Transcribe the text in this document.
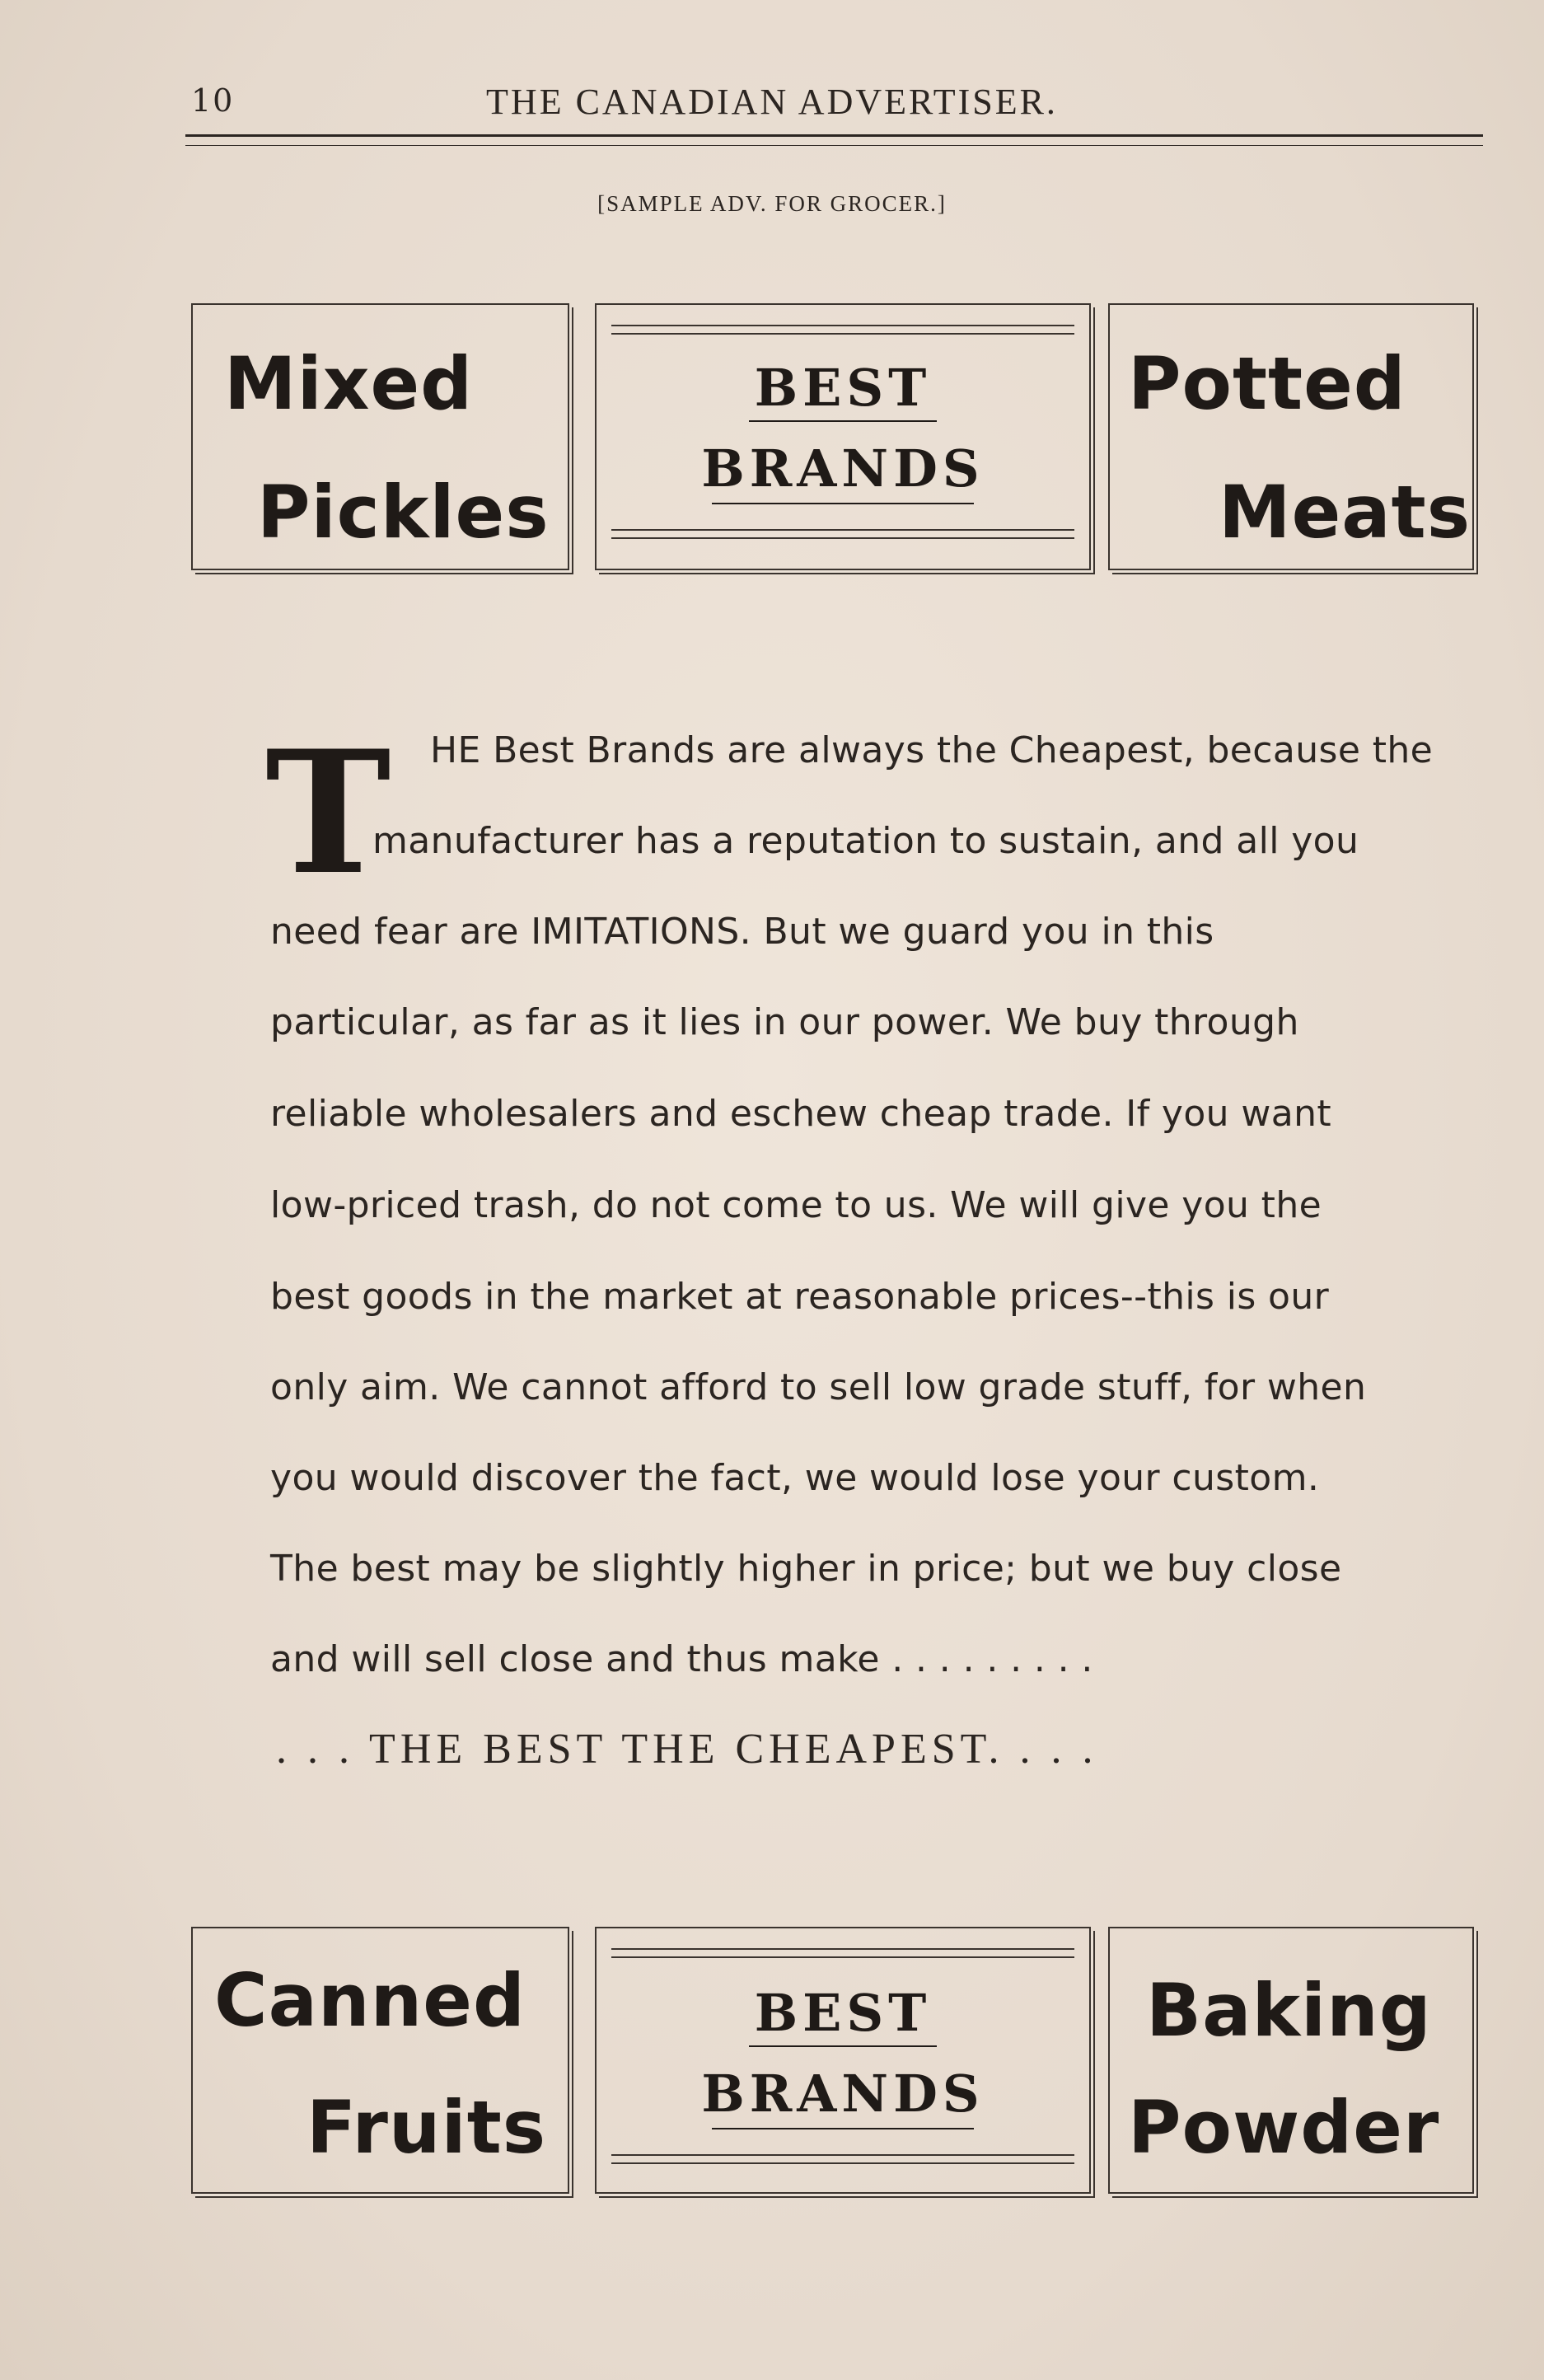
10	THE CANADIAN ADVERTISER.
[SAMPLE ADV. FOR GROCER.]
Mixed
Pickles
BEST
BRANDS
Potted
Meats
T HE Best Brands are always the Cheapest, because the
manufacturer has a reputation to sustain, and all you
need fear are IMITATIONS. But we guard you in this
particular, as far as it lies in our power. We buy through
reliable wholesalers and eschew cheap trade. If you want
low-priced trash, do not come to us. We will give you the
best goods in the market at reasonable prices--this is our
only aim. We cannot afford to sell low grade stuff, for when
you would discover the fact, we would lose your custom.
The best may be slightly higher in price; but we buy close
and will sell close and thus make . . . . . . . . .
. . . THE BEST THE CHEAPEST. . . .
Canned
Fruits
BEST
BRANDS
Baking
Powder
